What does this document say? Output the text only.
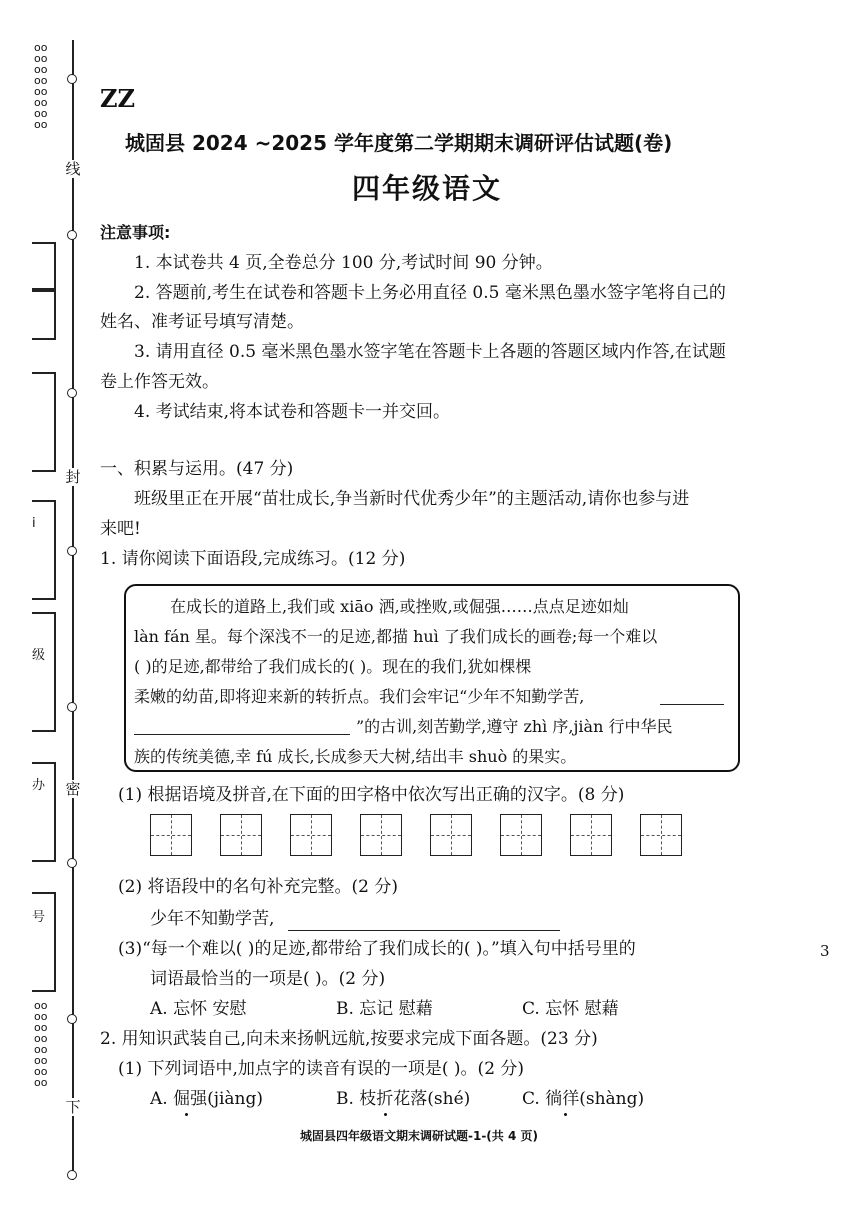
oooooooooooooooo
oooooooooooooooo
线
封
密
下
i
级
办
号
ZZ
城固县 2024 ~2025 学年度第二学期期末调研评估试题(卷)
四年级语文
注意事项:
1. 本试卷共 4 页,全卷总分 100 分,考试时间 90 分钟。
2. 答题前,考生在试卷和答题卡上务必用直径 0.5 毫米黑色墨水签字笔将自己的
姓名、准考证号填写清楚。
3. 请用直径 0.5 毫米黑色墨水签字笔在答题卡上各题的答题区域内作答,在试题
卷上作答无效。
4. 考试结束,将本试卷和答题卡一并交回。
一、积累与运用。(47 分)
班级里正在开展“苗壮成长,争当新时代优秀少年”的主题活动,请你也参与进
来吧!
1. 请你阅读下面语段,完成练习。(12 分)
在成长的道路上,我们或 xiāo 洒,或挫败,或倔强……点点足迹如灿
làn fán 星。每个深浅不一的足迹,都描 huì 了我们成长的画卷;每一个难以
( )的足迹,都带给了我们成长的( )。现在的我们,犹如棵棵
柔嫩的幼苗,即将迎来新的转折点。我们会牢记“少年不知勤学苦,
”的古训,刻苦勤学,遵守 zhì 序,jiàn 行中华民
族的传统美德,幸 fú 成长,长成参天大树,结出丰 shuò 的果实。
(1) 根据语境及拼音,在下面的田字格中依次写出正确的汉字。(8 分)
(2) 将语段中的名句补充完整。(2 分)
少年不知勤学苦,
(3)“每一个难以( )的足迹,都带给了我们成长的( )。”填入句中括号里的	3
词语最恰当的一项是( )。(2 分)
A. 忘怀 安慰	B. 忘记 慰藉	C. 忘怀 慰藉
2. 用知识武装自己,向未来扬帆远航,按要求完成下面各题。(23 分)
(1) 下列词语中,加点字的读音有误的一项是( )。(2 分)
A. 倔强(jiàng)	B. 枝折花落(shé)	C. 徜徉(shàng)
城固县四年级语文期末调研试题-1-(共 4 页)
